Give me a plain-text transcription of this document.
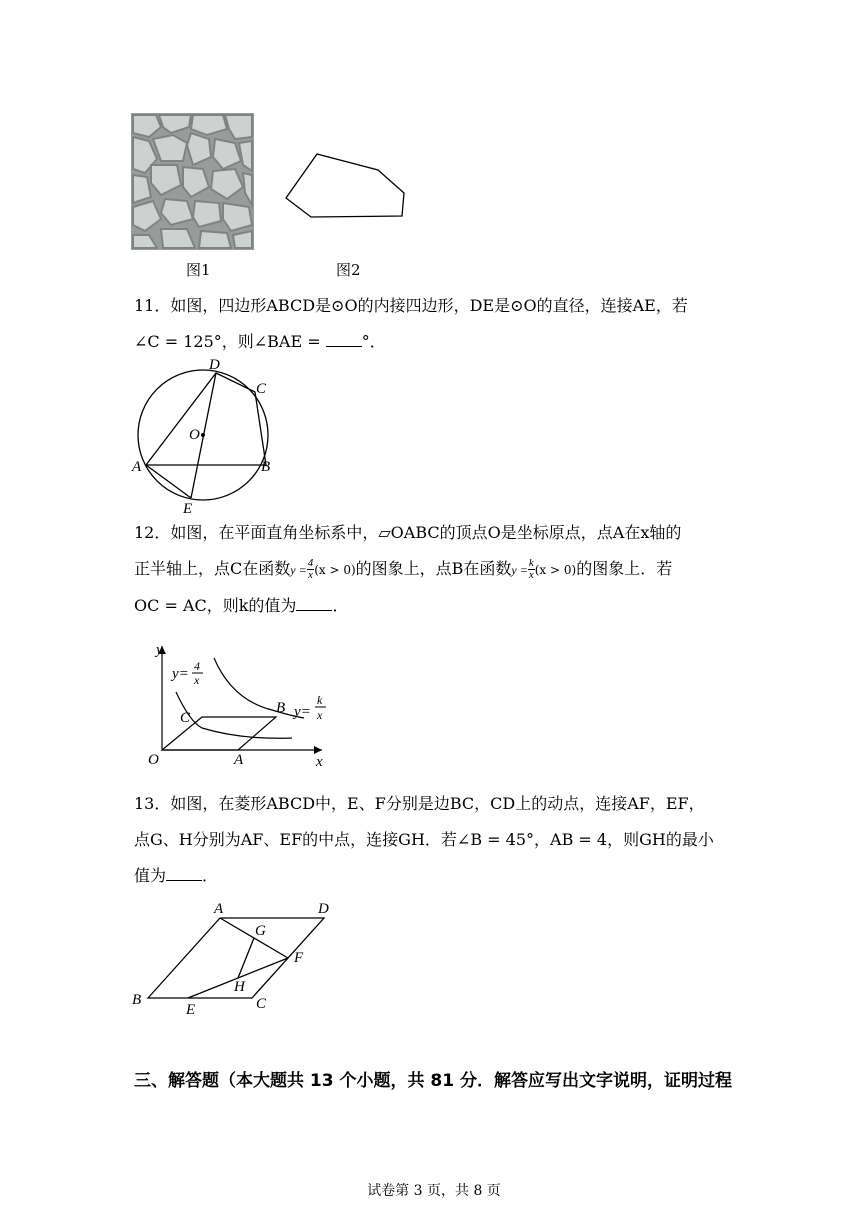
图1	图2
11．如图，四边形ABCD是⊙O的内接四边形，DE是⊙O的直径，连接AE，若
∠C = 125°，则∠BAE = °．
D
C
O
A	B
E
12．如图，在平面直角坐标系中，▱OABC的顶点O是坐标原点，点A在x轴的
正半轴上，点C在函数$y = \frac{4}{x} (x > 0)$的图象上，点B在函数$y = \frac{k}{x} (x > 0)$的图象上．若
OC = AC，则k的值为 ．
y
x
O	A
B
C
y= 4
x
y=
k
x
13．如图，在菱形ABCD中，E、F分别是边BC，CD上的动点，连接AF，EF，
点G、H分别为AF、EF的中点，连接GH．若∠B = 45°，AB = 4，则GH的最小
值为 ．
A	D
G
F
H
B
E	C
三、解答题（本大题共 13 个小题，共 81 分．解答应写出文字说明，证明过程
试卷第 3 页，共 8 页
